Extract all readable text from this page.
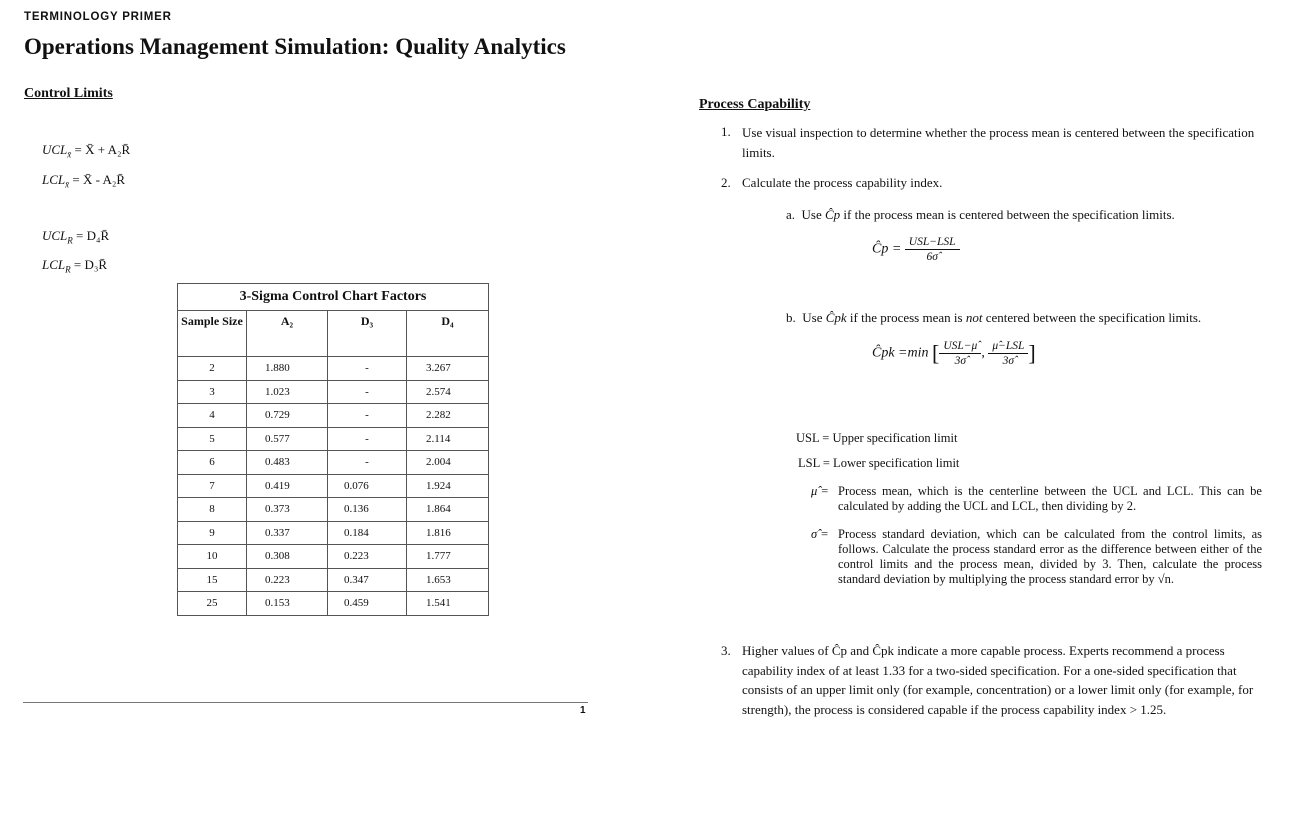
TERMINOLOGY PRIMER
Operations Management Simulation: Quality Analytics
Control Limits
$UCL_{x̄}$ = X̄ + A₂R̄
$LCL_{x̄}$ = X̄ - A₂R̄
$UCL_R$ = D₄R̄
$LCL_R$ = D₃R̄
3-Sigma Control Chart Factors			
Sample Size	A₂	D₃	D₄
2	1.880	-	3.267
3	1.023	-	2.574
4	0.729	-	2.282
5	0.577	-	2.114
6	0.483	-	2.004
7	0.419	0.076	1.924
8	0.373	0.136	1.864
9	0.337	0.184	1.816
10	0.308	0.223	1.777
15	0.223	0.347	1.653
25	0.153	0.459	1.541
1
Process Capability
1. Use visual inspection to determine whether the process mean is centered between the specification limits.
2. Calculate the process capability index.
a. Use Ĉp if the process mean is centered between the specification limits.
Ĉp = $\frac{\text{USL−LSL}}{6\sigmâ}$
b. Use Ĉpk if the process mean is not centered between the specification limits.
Ĉpk =min [ $\frac{\text{USL−μ̂}}{3\sigmâ}$ , $\frac{\text{μ̂−LSL}}{3\sigmâ}$ ]
USL = Upper specification limit
LSL = Lower specification limit
μ̂ = Process mean, which is the centerline between the UCL and LCL. This can be calculated by adding the UCL and LCL, then dividing by 2.
σ̂ = Process standard deviation, which can be calculated from the control limits, as follows. Calculate the process standard error as the difference between either of the control limits and the process mean, divided by 3. Then, calculate the process standard deviation by multiplying the process standard error by √n.
3. Higher values of Ĉp and Ĉpk indicate a more capable process. Experts recommend a process capability index of at least 1.33 for a two-sided specification. For a one-sided specification that consists of an upper limit only (for example, concentration) or a lower limit only (for example, for strength), the process is considered capable if the process capability index > 1.25.
